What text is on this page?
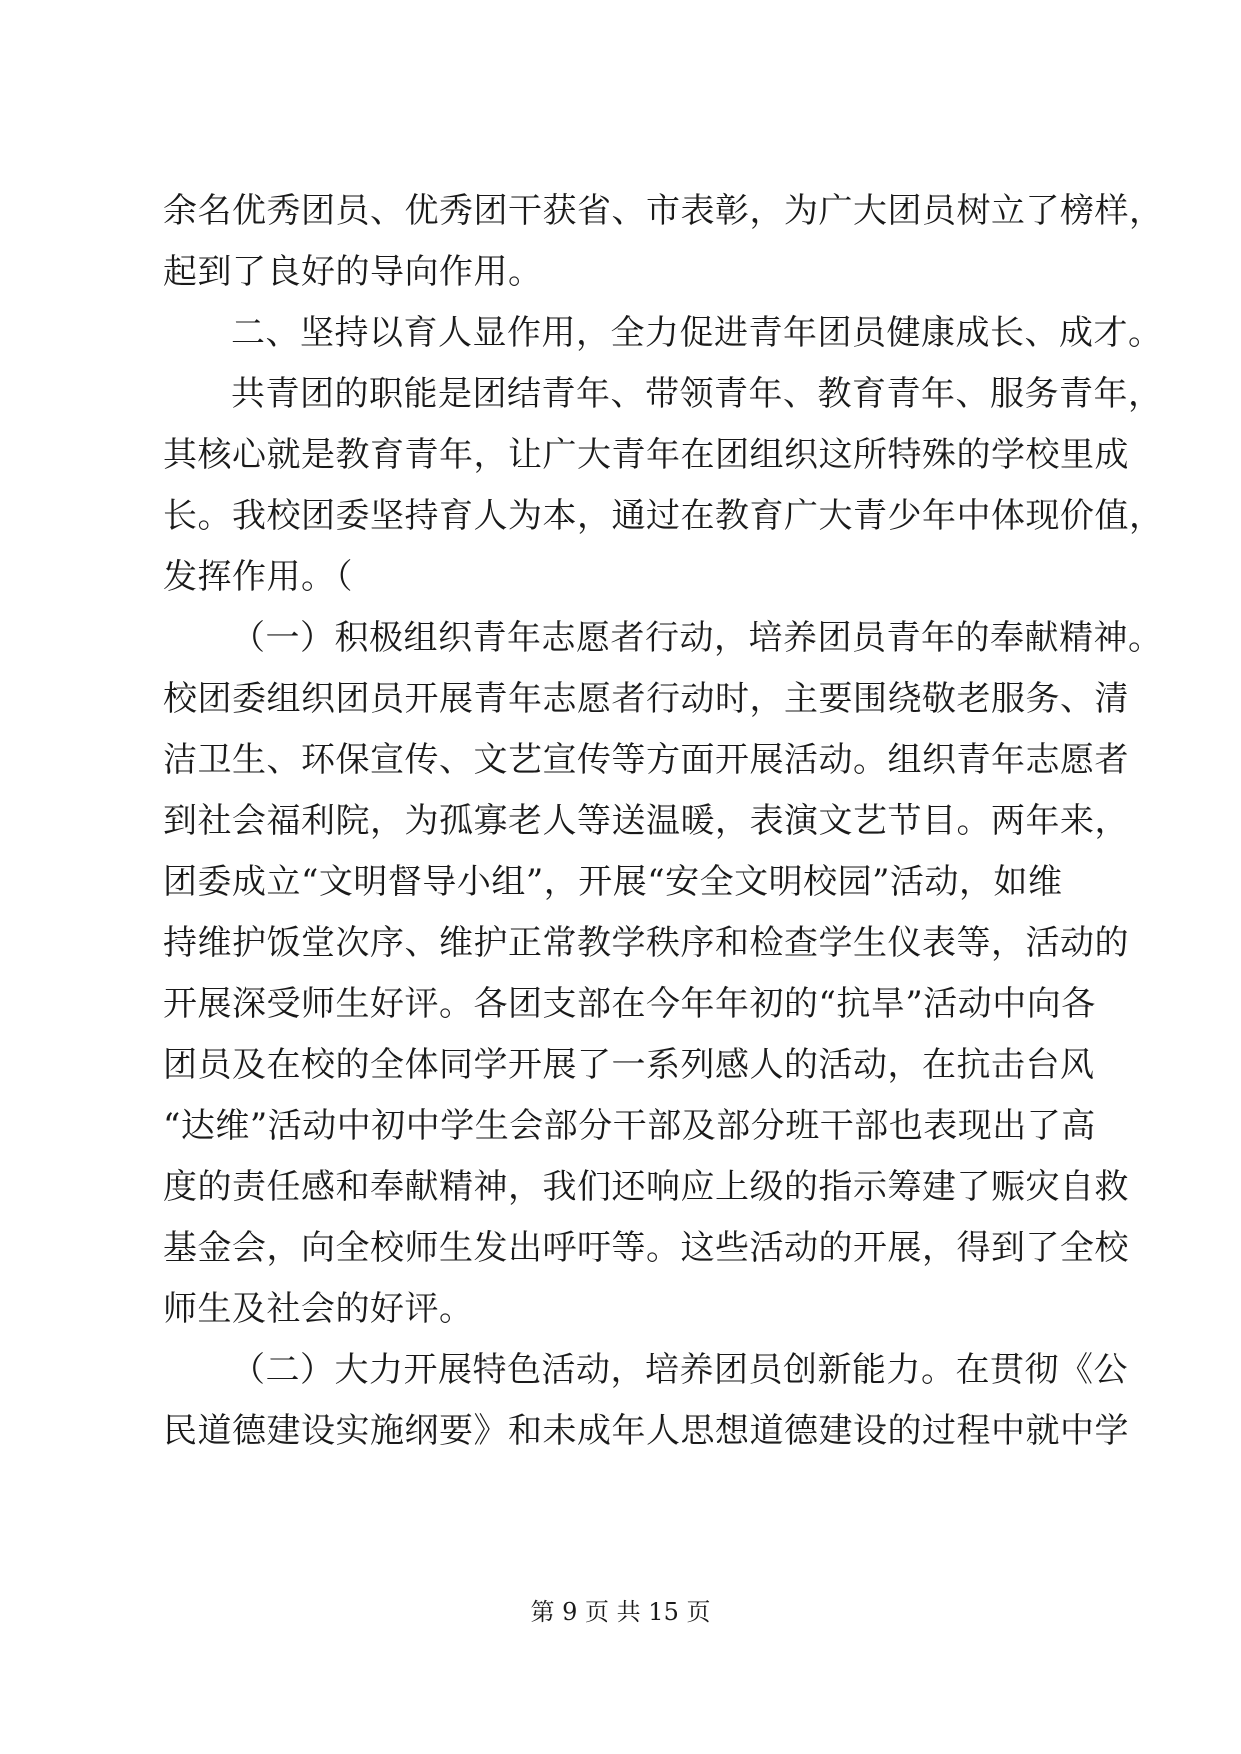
余名优秀团员、优秀团干获省、市表彰，为广大团员树立了榜样，
起到了良好的导向作用。
二、坚持以育人显作用，全力促进青年团员健康成长、成才。
共青团的职能是团结青年、带领青年、教育青年、服务青年，
其核心就是教育青年，让广大青年在团组织这所特殊的学校里成
长。我校团委坚持育人为本，通过在教育广大青少年中体现价值，
发挥作用。（
（一）积极组织青年志愿者行动，培养团员青年的奉献精神。
校团委组织团员开展青年志愿者行动时，主要围绕敬老服务、清
洁卫生、环保宣传、文艺宣传等方面开展活动。组织青年志愿者
到社会福利院，为孤寡老人等送温暖，表演文艺节目。两年来，
团委成立“文明督导小组”，开展“安全文明校园”活动，如维
持维护饭堂次序、维护正常教学秩序和检查学生仪表等，活动的
开展深受师生好评。各团支部在今年年初的“抗旱”活动中向各
团员及在校的全体同学开展了一系列感人的活动，在抗击台风
“达维”活动中初中学生会部分干部及部分班干部也表现出了高
度的责任感和奉献精神，我们还响应上级的指示筹建了赈灾自救
基金会，向全校师生发出呼吁等。这些活动的开展，得到了全校
师生及社会的好评。
（二）大力开展特色活动，培养团员创新能力。在贯彻《公
民道德建设实施纲要》和未成年人思想道德建设的过程中就中学
第 9 页 共 15 页
